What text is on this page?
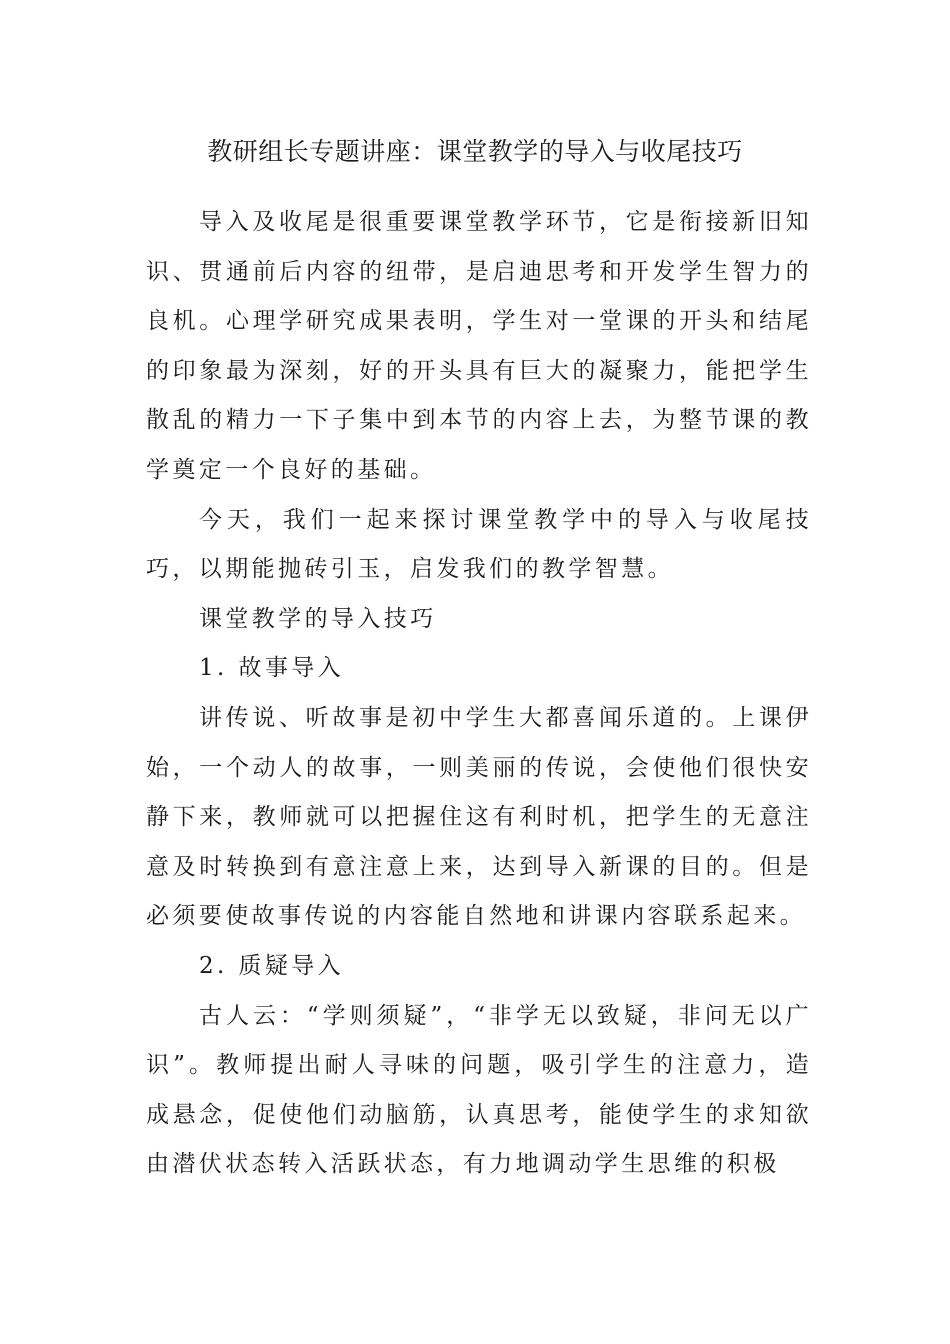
教研组长专题讲座：课堂教学的导入与收尾技巧

导入及收尾是很重要课堂教学环节，它是衔接新旧知识、贯通前后内容的纽带，是启迪思考和开发学生智力的良机。心理学研究成果表明，学生对一堂课的开头和结尾的印象最为深刻，好的开头具有巨大的凝聚力，能把学生散乱的精力一下子集中到本节的内容上去，为整节课的教学奠定一个良好的基础。

今天，我们一起来探讨课堂教学中的导入与收尾技巧，以期能抛砖引玉，启发我们的教学智慧。

课堂教学的导入技巧

1. 故事导入

讲传说、听故事是初中学生大都喜闻乐道的。上课伊始，一个动人的故事，一则美丽的传说，会使他们很快安静下来，教师就可以把握住这有利时机，把学生的无意注意及时转换到有意注意上来，达到导入新课的目的。但是必须要使故事传说的内容能自然地和讲课内容联系起来。

2. 质疑导入

古人云：“学则须疑”，“非学无以致疑，非问无以广识”。教师提出耐人寻味的问题，吸引学生的注意力，造成悬念，促使他们动脑筋，认真思考，能使学生的求知欲由潜伏状态转入活跃状态，有力地调动学生思维的积极
